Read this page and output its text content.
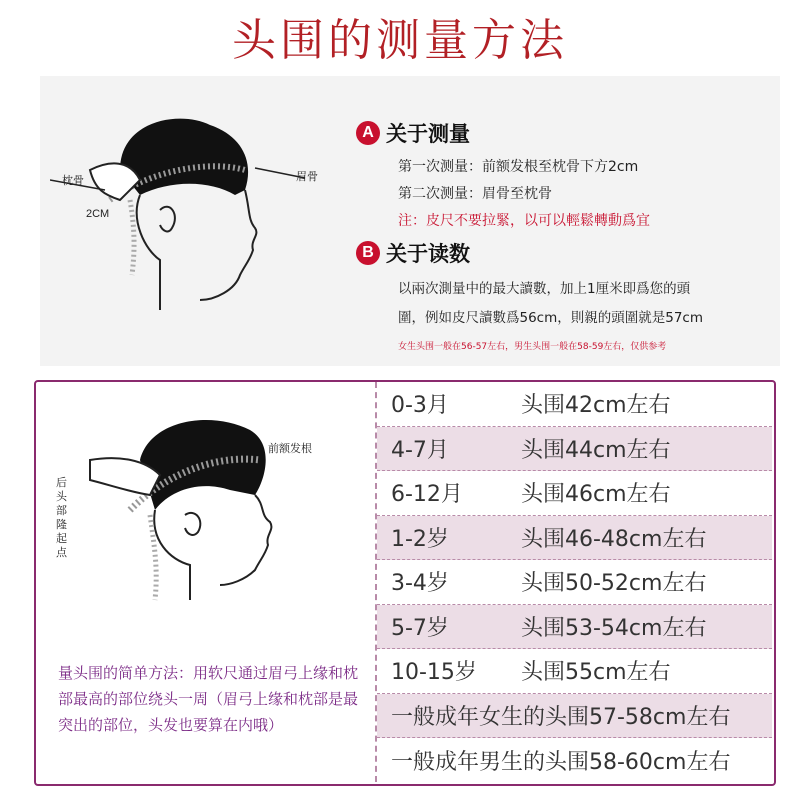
头围的测量方法
枕骨	眉骨
2CM
A 关于测量
第一次测量：前额发根至枕骨下方2cm
第二次测量：眉骨至枕骨
注：皮尺不要拉緊，以可以輕鬆轉動爲宜
B 关于读数
以兩次測量中的最大讀數，加上1厘米即爲您的頭
圍，例如皮尺讀數爲56cm，則親的頭圍就是57cm
女生头围一般在56-57左右，男生头围一般在58-59左右，仅供参考
前额发根
后头部隆起点
量头围的简单方法：用软尺通过眉弓上缘和枕部最高的部位绕头一周（眉弓上缘和枕部是最突出的部位，头发也要算在内哦）
0-3月	头围42cm左右
4-7月	头围44cm左右
6-12月	头围46cm左右
1-2岁	头围46-48cm左右
3-4岁	头围50-52cm左右
5-7岁	头围53-54cm左右
10-15岁	头围55cm左右
一般成年女生的头围57-58cm左右
一般成年男生的头围58-60cm左右
